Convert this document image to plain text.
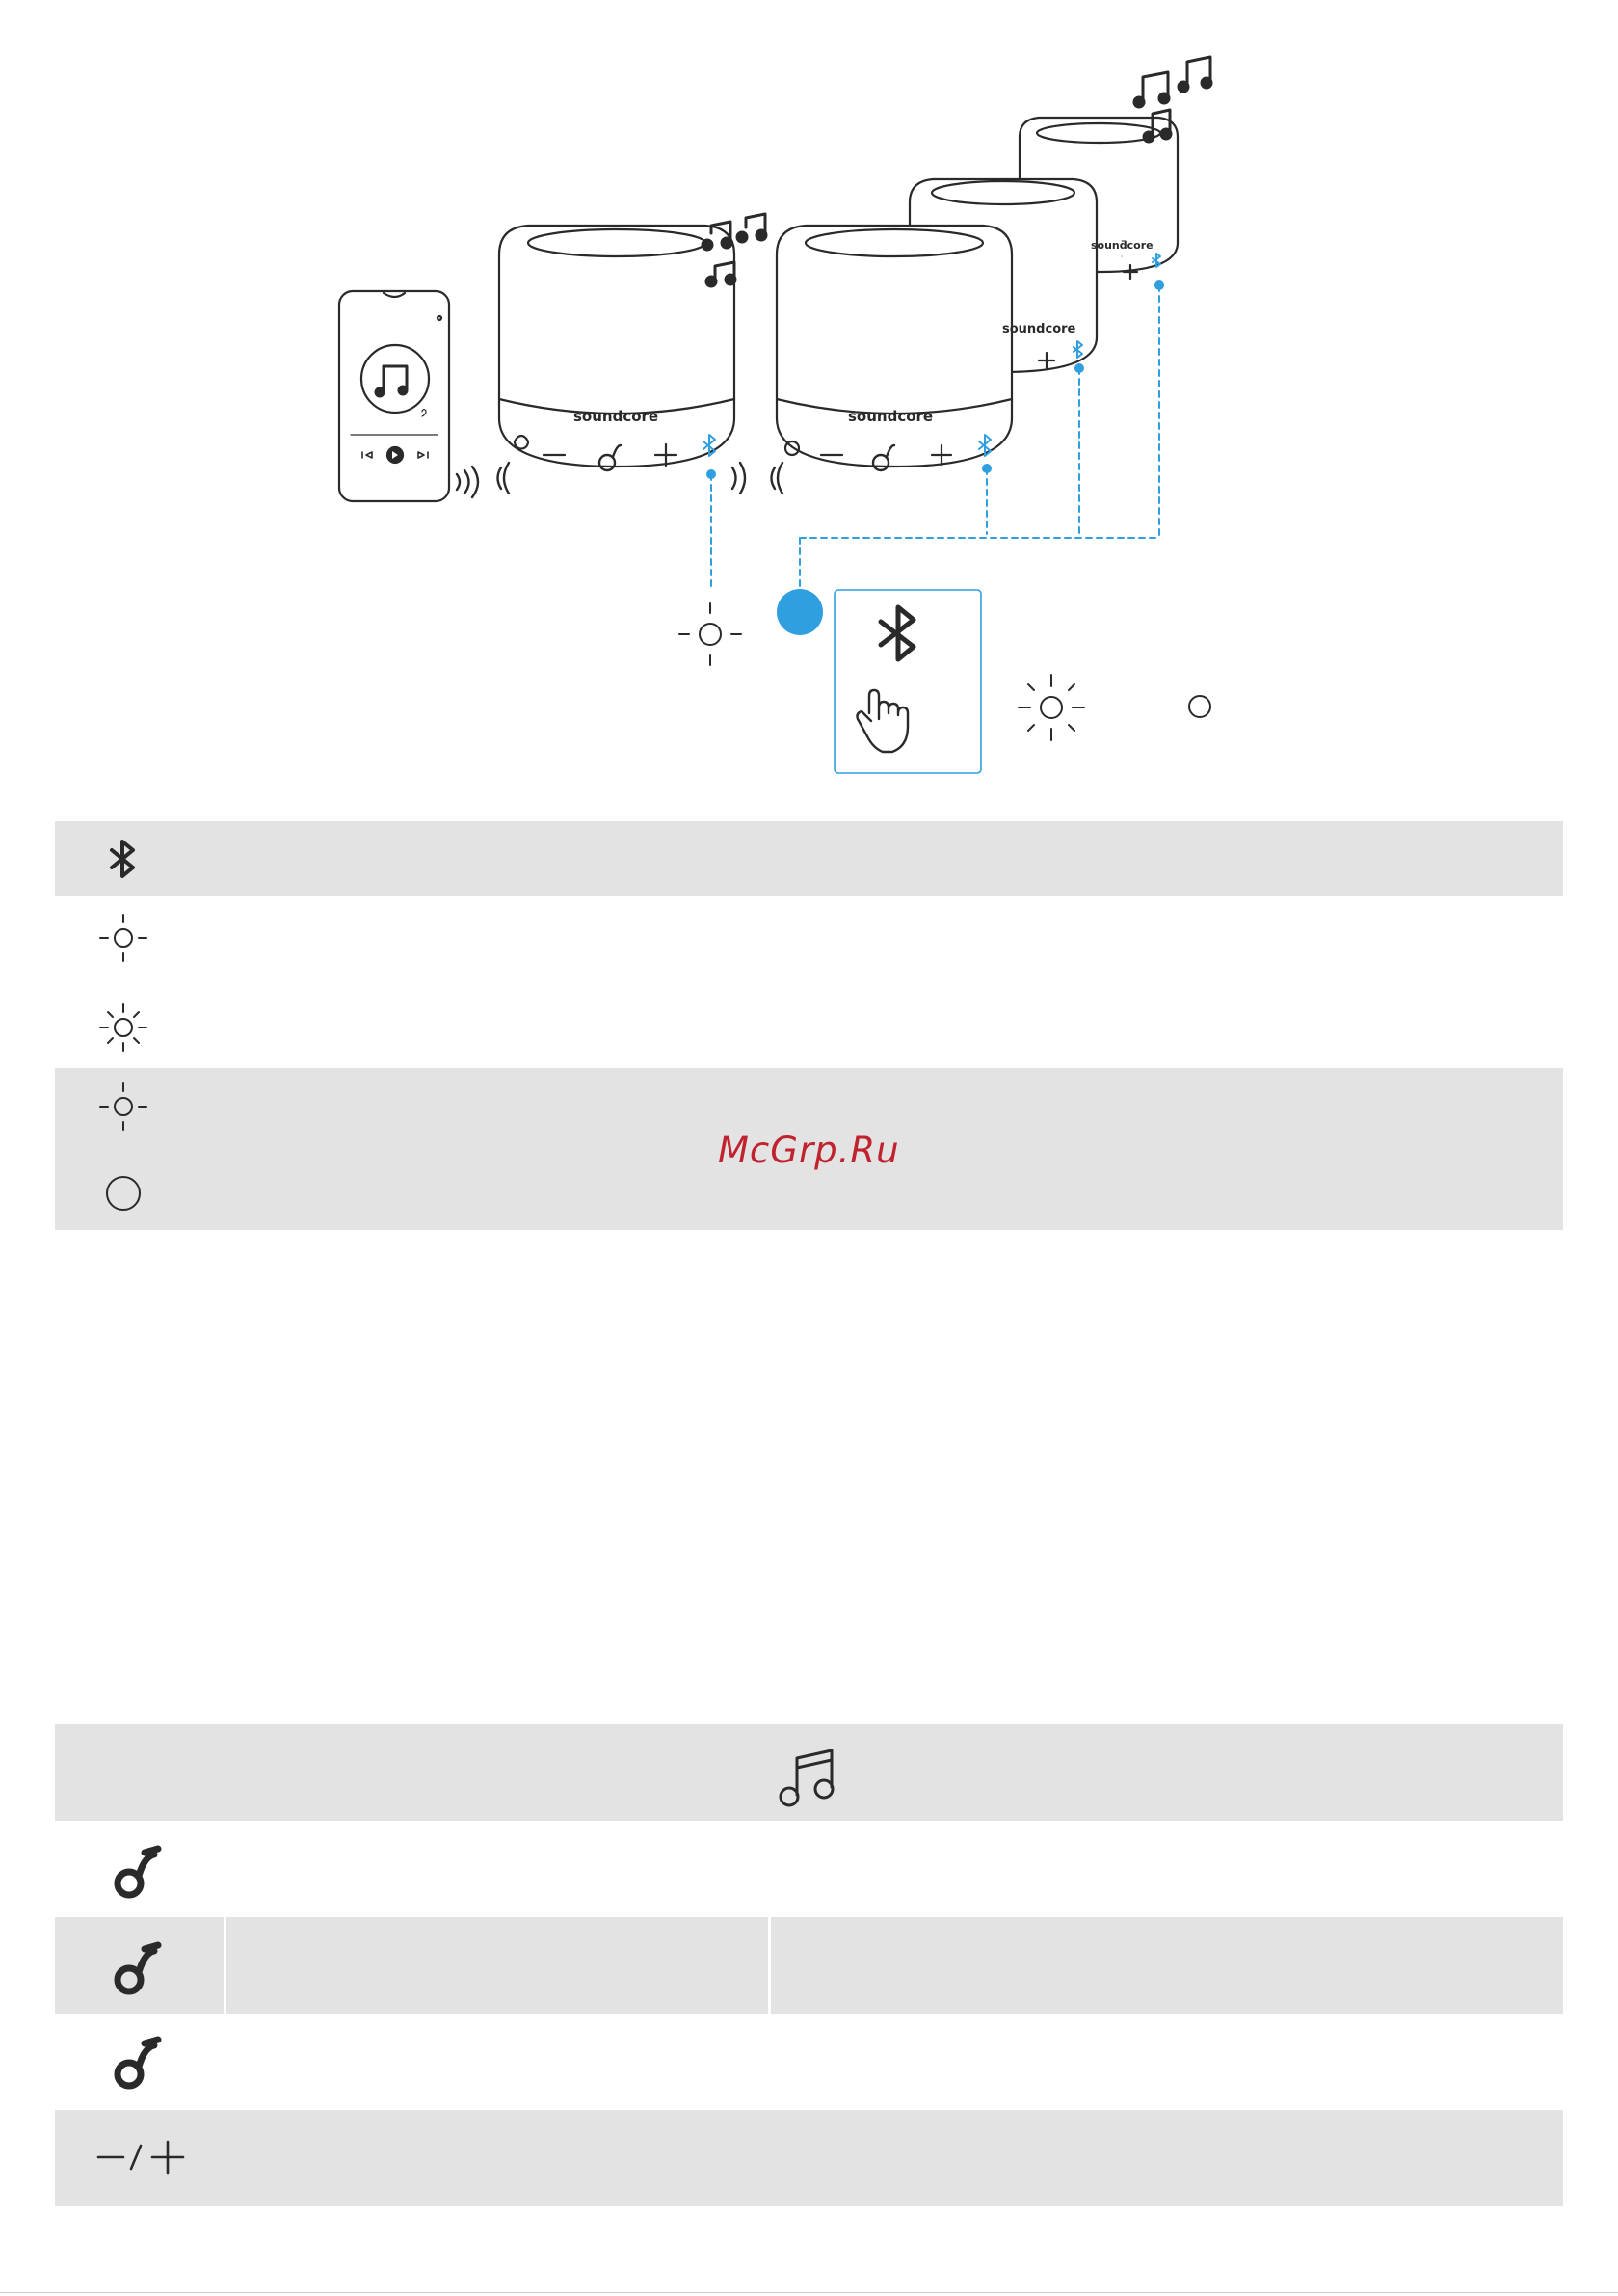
soundcore	soundcore
soundcore
soundcore
McGrp.Ru
